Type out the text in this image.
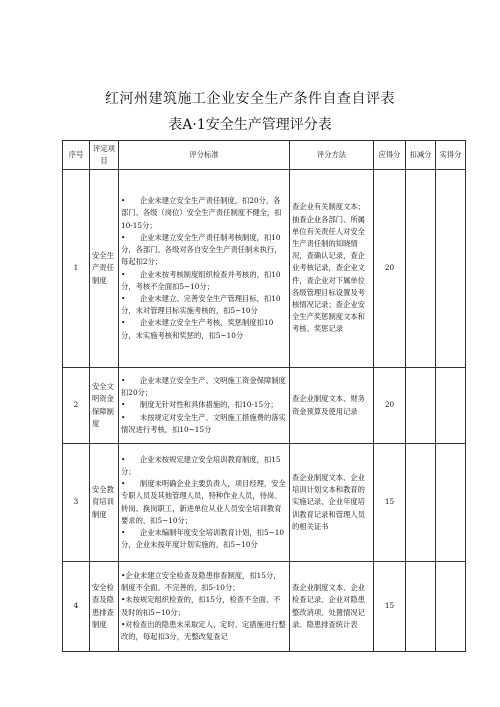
红河州建筑施工企业安全生产条件自查自评表
表A·1安全生产管理评分表
序号	评定项目	评分标准	评分方法	应得分	扣减分	实得分
1	安全生产责任制度	•　　企业未建立安全生产责任制度，扣20分，各部门、各级（岗位）安全生产责任制度不健全，扣10-15分；
•　　企业未建立安全生产责任制考核制度，扣10分，各部门、各级对各自安全生产责任制未执行，每起扣2分；
•　　企业未按考核制度组织检查并考核的，扣10分，考核不全面扣5~10分；
•　　企业未建立、完善安全生产管理目标，扣10分，未对管理目标实施考核的，扣5~10分
•　　企业未建立安全生产考核、奖惩制度扣10分，未实施考核和奖惩的，扣5~10分	查企业有关制度文本；抽查企业各部门、所属单位有关责任人对安全生产责任制的知晓情况，查确认记录，查企业考核记录，查企业文件，查企业对下属单位各级管理目标设置及考核情况记录；查企业安全生产奖惩制度文本和考核、奖惩记录	20		
2	安全文明资金保障制度	•　　企业未建立安全生产、文明施工资金保障制度扣20分；
•　　制度无针对性和具体措施的，扣10-15分；
•　　未按规定对安全生产、文明施工措施费的落实情况进行考核，扣10~15分	查企业制度文本、财务资金预算及使用记录	20		
3	安全教育培训制度	•　　企业未按规定建立安全培训教育制度，扣15分；
•　　制度未明确企业主要负责人，项目经理，安全专职人员及其他管理人员，特种作业人员，待岗、转岗、换岗职工，新进单位从业人员安全培训教育要求的，扣5~10分；
•　　企业未编制年度安全培训教育计划，扣5~10分，企业未按年度计划实施的，扣5~10分	查企业制度文本、企业培训计划文本和教育的实施记录、企业年度培训教育记录和管理人员的相关证书	15		
4	安全检查及隐患排查制度	•企业未建立安全检查及隐患排查制度，扣15分，制度不全面、不完善的，扣5-10分；
•未按规定组织检查的，扣15分，检查不全面、不及时的扣5~10分；
•对检查出的隐患未采取定人、定时、定措施进行整改的，每起扣3分，无整改复查记	查企业制度文本、企业检查记录、企业对隐患整改消项、处置情况记录、隐患排查统计表	15		
